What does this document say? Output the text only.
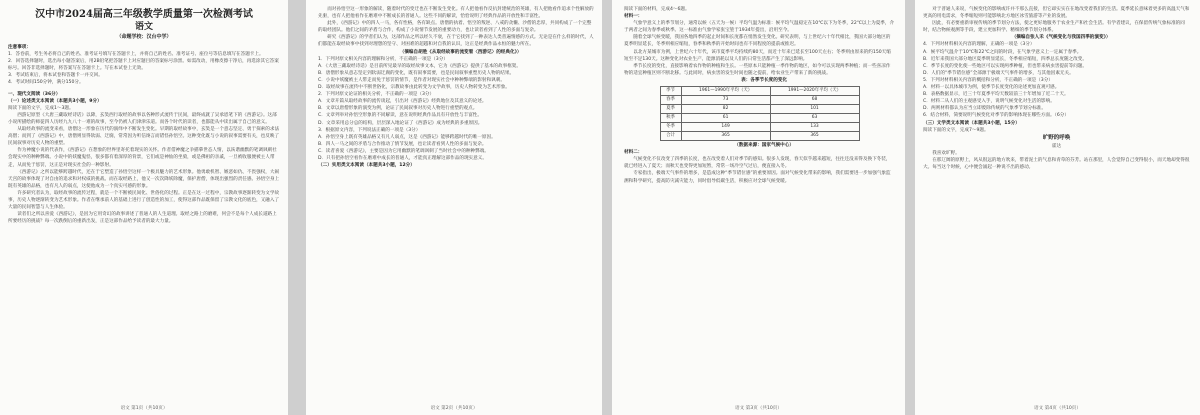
汉中市2024届高三年级教学质量第一次检测考试
语文
（命题学校：汉台中学）

注意事项：

1．答卷前，考生务必将自己的姓名、准考证号填写在答题卡上，并将自己的姓名、准考证号、座位号等信息填写在答题卡上。

2．回答选择题时，选出每小题答案后，用2B铅笔把答题卡上对应题目的答案标号涂黑。如需改动，用橡皮擦干净后，再选涂其它答案标号。回答非选择题时，将答案写在答题卡上。写在本试卷上无效。

3．考试结束后，将本试卷和答题卡一并交回。

4．考试时间150分钟，满分150分。

一、现代文阅读（36分）

（一）论述类文本阅读（本题共3小题，9分）

阅读下面的文字，完成1～3题。

西游记原型《大唐三藏取经诗话》以降，玄奘西行取经的故事以各种形式流传于民间，最终成就了吴承恩笔下的《西游记》。这部小说所描绘的师徒四人历经九九八十一难的故事，至今仍被人们津津乐道。而各个时代的读者，也都能从中读出属于自己的意义。

从取经故事的流变来看，唐僧这一形象在历代的演绎中不断发生变化。早期的取经故事中，玄奘是一个意志坚定、勇于探索的求法高僧；而到了《西游记》中，唐僧则显得软弱、迂腐，常常因为听信谗言而错怪孙悟空。这种变化既与小说的叙事需要有关，也反映了民间叙事对历史人物的重塑。

作为神魔小说的代表作，《西游记》在想象的世界里寄托着现实的关怀。作者借神魔之争描摹世态人情，以诙谐幽默的笔调讽刺社会现实中的种种弊端。小说中的妖魔鬼怪，很多都有着深厚的背景，它们或是神仙的坐骑，或是佛祖的亲戚，一旦被收服便被主人带走，从而免于惩罚，这正是对现实社会的一种影射。

《西游记》之所以能够跨越时代，还在于它塑造了孙悟空这样一个极具魅力的艺术形象。他勇敢机智、嫉恶如仇、不畏强权，大闹天宫的故事体现了对自由的追求和对权威的挑战。而在取经路上，他又一次次降妖除魔，保护唐僧，体现出强烈的责任感。孙悟空身上既有英雄的品格，也有凡人的弱点，这使他成为一个真实可感的形象。

许多研究者认为，取经故事的流传过程，就是一个不断被民间化、世俗化的过程。正是在这一过程中，宗教故事逐渐转变为文学故事，历史人物逐渐转变为艺术形象。作者在继承前人的基础上进行了创造性的加工，使得这部作品既保留了宗教文化的底色，又融入了大量的民间智慧与人生体验。

读者们之所以喜爱《西游记》，是因为它用奇幻的故事讲述了普通人的人生道理。取经之路上的磨难，何尝不是每个人成长道路上所要经历的挑战？每一次跌倒后的重新出发，正是这部作品给予读者的最大力量。

语文 第1页（共10页）

而对孙悟空这一形象的解读，随着时代的变迁也在不断发生变化。有人把他看作反抗封建统治的英雄，有人把他看作追求个性解放的先驱，也有人把他看作在磨难中不断成长的普通人。这些不同的解读，恰恰说明了经典作品的开放性和丰富性。

此外，《西游记》中的四人一马，各有性格，各有缺点。唐僧的执着、悟空的叛逆、八戒的贪懒、沙僧的忠厚，共同构成了一个完整的取经团队。他们之间的矛盾与合作，构成了小说情节发展的重要动力，也让读者看到了人性的多面与复杂。

研究《西游记》的学者们认为，这部作品之所以经久不衰，在于它找到了一种表达人类普遍情感的方式。无论是在什么样的时代，人们都能在取经故事中找到对理想的坚守、对困难的超越和对自我的认识，这正是经典作品永恒的魅力所在。

（摘编自胡胜《从取经故事的流变看〈西游记〉的经典化》）

1．下列对原文相关内容的理解和分析，不正确的一项是（3分）

A．《大唐三藏取经诗话》是目前所见最早的取经故事文本，它为《西游记》提供了基本的故事框架。

B．唐僧形象从意志坚定到软弱迂腐的变化，既有叙事需要，也是民间叙事重塑历史人物的结果。

C．小说中妖魔被主人带走而免于惩罚的情节，是作者对现实社会中种种弊端的影射和讽刺。

D．取经故事在流传中不断世俗化，宗教故事由此转变为文学故事，历史人物转变为艺术形象。

2．下列对原文论证的相关分析，不正确的一项是（3分）

A．文章开篇从取经故事的流传谈起，引出对《西游记》经典地位及其意义的论述。

B．文章以唐僧形象的演变为例，论证了民间叙事对历史人物进行重塑的观点。

C．文章列举对孙悟空形象的不同解读，意在说明经典作品具有开放性与丰富性。

D．文章采用总分总的结构，层层深入地论证了《西游记》成为经典的多重原因。

3．根据原文内容，下列说法正确的一项是（3分）

A．孙悟空身上既有英雄品格又有凡人弱点，这是《西游记》能够跨越时代的唯一原因。

B．四人一马之间的矛盾与合作推动了情节发展，也让读者看到人性的多面与复杂。

C．读者喜爱《西游记》，主要是因为它用幽默的笔调讽刺了当时社会中的种种弊端。

D．只有把孙悟空看作在磨难中成长的普通人，才能真正理解这部作品的现实意义。

（二）实用类文本阅读（本题共3小题，12分）

语文 第2页（共10页）

阅读下面的材料，完成4～6题。

材料一：

气象学意义上的季节划分，通常以候（五天为一候）平均气温为标准：候平均气温稳定在10℃以下为冬季，22℃以上为夏季，介于两者之间为春季或秋季。这一标准由气象学家张宝堃于1934年提出，沿用至今。

随着全球气候变暖，我国各地四季的起止时间和长度都在悄然发生变化。研究表明，与上世纪六十年代相比，我国大部分地区的夏季明显延长，冬季则相应缩短，春季和秋季的开始时间也有不同程度的提前或推迟。

以北方某城市为例，上世纪六十年代，该市夏季平均持续约80天，而近十年来已延长至100天左右；冬季则由原来的约150天缩短至不足130天。这种变化对农业生产、能源消耗以及人们的日常生活都产生了深远影响。

季节长度的变化，直接影响着农作物的种植和生长。一些原本只能种植一季作物的地区，如今可以实现两季种植；而一些喜凉作物的适宜种植区则不断北移。与此同时，病虫害的发生时间也随之提前，给农业生产带来了新的挑战。

表：各季节长度的变化

季节	1961—1990年平均（天）	1991—2020年平均（天）
春季	73	68
夏季	82	101
秋季	61	63
冬季	149	133
合计	365	365

（数据来源：国家气候中心）

材料二：

气候变化不仅改变了四季的长度，也在改变着人们对季节的感知。很多人发现，春天似乎越来越短，往往还没来得及换下冬装，就已经进入了夏天；而秋天也变得更加短暂，常常一场冷空气过后，便直接入冬。

专家指出，极端天气事件的增多，是造成这种“季节错位感”的重要原因。面对气候变化带来的影响，我们需要进一步加强气象监测和科学研究，提高防灾减灾能力，同时倡导低碳生活，积极应对全球气候变暖。

语文 第3页（共10页）

对于普通人来说，气候变化的影响或许并不那么直接，但它却实实在在地改变着我们的生活。夏季延长意味着更多的高温天气和更高的用电需求，冬季缩短则可能影响北方地区冰雪旅游等产业的发展。

因此，有必要重新审视传统的季节划分方法，使之更好地服务于农业生产和社会生活。有学者建议，在保留传统气象标准的同时，结合物候观测等手段，建立更加科学、精细的季节划分体系。

（摘编自张人禾《气候变化与我国四季的演变》）

4．下列对材料相关内容的理解，正确的一项是（3分）

A．候平均气温介于10℃和22℃之间的时段，在气象学意义上一定属于春季。

B．近年来我国大部分地区夏季明显延长，冬季相应缩短，四季总长度随之改变。

C．季节长度的变化使一些地区可以实现两季种植，但也带来病虫害提前等问题。

D．人们的“季节错位感”全部源于极端天气事件的增多，与其他因素无关。

5．下列对材料相关内容的概括和分析，不正确的一项是（3分）

A．材料一以具体城市为例，使季节长度变化的论述更加直观可感。

B．表格数据显示，近三十年夏季平均天数较前三十年增加了近二十天。

C．材料二从人们的主观感受入手，说明气候变化对生活的影响。

D．两则材料都认为应当立即废除传统的气象季节划分标准。

6．结合材料，简要说明气候变化对季节的影响体现在哪些方面。（6分）

（三）文学类文本阅读（本题共3小题，15分）

阅读下面的文字，完成7～9题。

旷野的呼唤
霍达

我喜欢旷野。

在那辽阔的原野上，风从很远的地方吹来，带着泥土的气息和青草的芬芳。站在那里，人会觉得自己变得很小，而天地却变得很大。每当这个时候，心中便会涌起一种说不出的感动。

语文 第4页（共10页）
